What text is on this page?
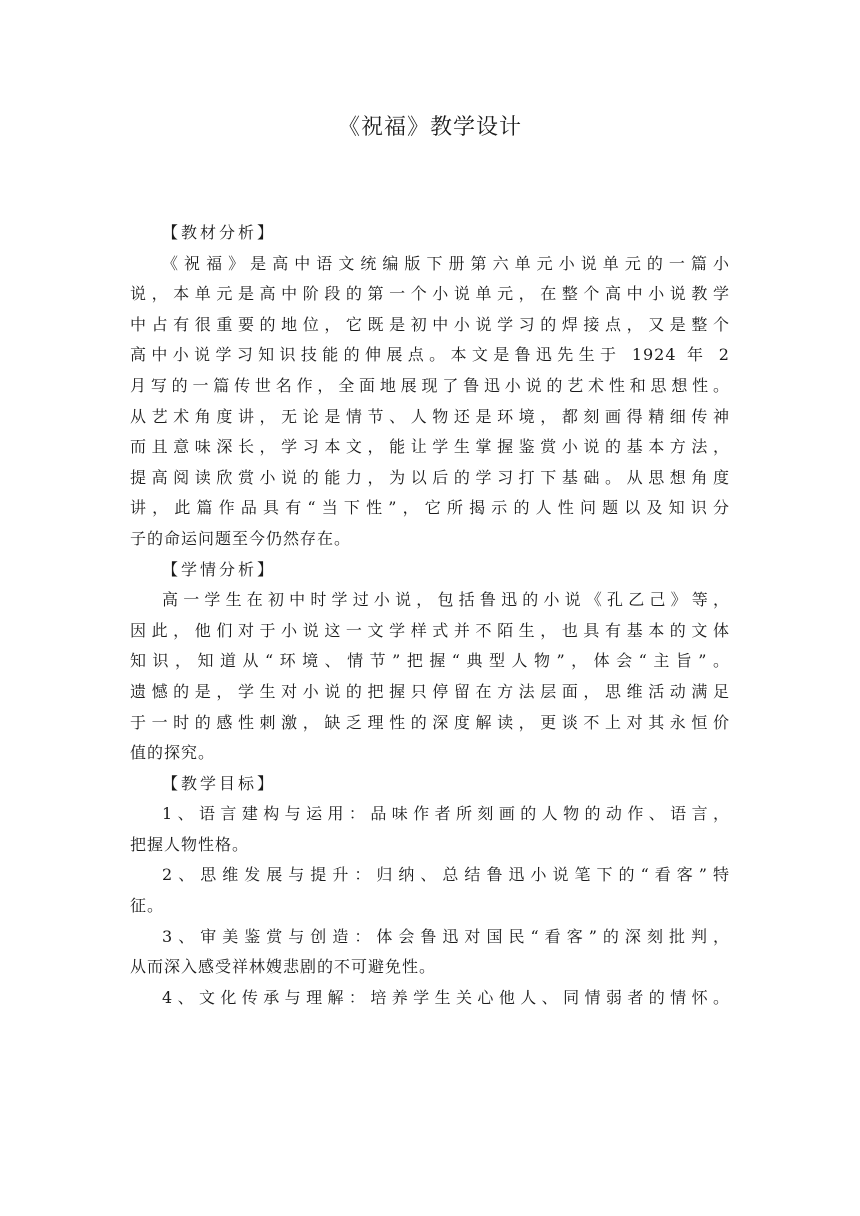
《祝福》教学设计
【教材分析】
《祝福》是高中语文统编版下册第六单元小说单元的一篇小
说，本单元是高中阶段的第一个小说单元，在整个高中小说教学
中占有很重要的地位，它既是初中小说学习的焊接点，又是整个
高中小说学习知识技能的伸展点。本文是鲁迅先生于 1924 年 2
月写的一篇传世名作，全面地展现了鲁迅小说的艺术性和思想性。
从艺术角度讲，无论是情节、人物还是环境，都刻画得精细传神
而且意味深长，学习本文，能让学生掌握鉴赏小说的基本方法，
提高阅读欣赏小说的能力，为以后的学习打下基础。从思想角度
讲，此篇作品具有“当下性”，它所揭示的人性问题以及知识分
子的命运问题至今仍然存在。
【学情分析】
高一学生在初中时学过小说，包括鲁迅的小说《孔乙己》等，
因此，他们对于小说这一文学样式并不陌生，也具有基本的文体
知识，知道从“环境、情节”把握“典型人物”，体会“主旨”。
遗憾的是，学生对小说的把握只停留在方法层面，思维活动满足
于一时的感性刺激，缺乏理性的深度解读，更谈不上对其永恒价
值的探究。
【教学目标】
1、语言建构与运用：品味作者所刻画的人物的动作、语言，
把握人物性格。
2、思维发展与提升：归纳、总结鲁迅小说笔下的“看客”特
征。
3、审美鉴赏与创造：体会鲁迅对国民“看客”的深刻批判，
从而深入感受祥林嫂悲剧的不可避免性。
4、文化传承与理解：培养学生关心他人、同情弱者的情怀。
